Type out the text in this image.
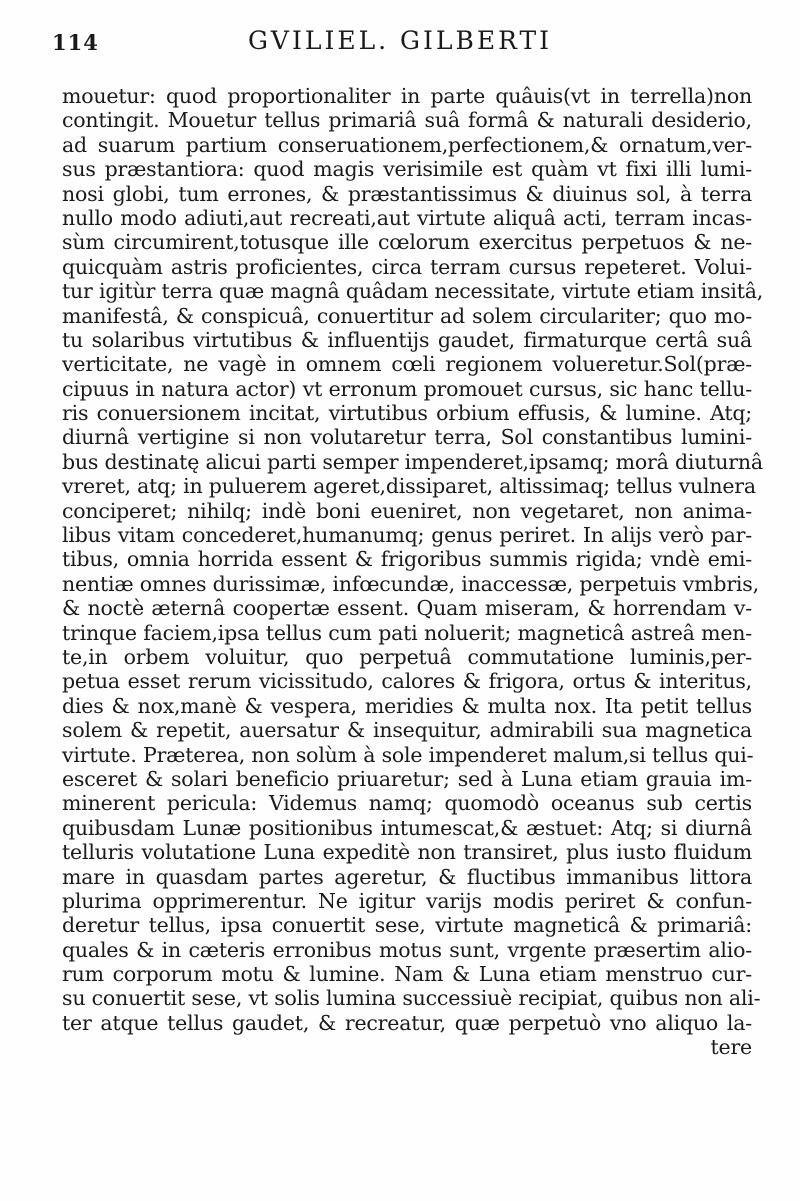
114	GVILIEL. GILBERTI
mouetur: quod proportionaliter in parte quâuis(vt in terrella)non
contingit. Mouetur tellus primariâ suâ formâ & naturali desiderio,
ad suarum partium conseruationem,perfectionem,& ornatum,ver-
sus præstantiora: quod magis verisimile est quàm vt fixi illi lumi-
nosi globi, tum errones, & præstantissimus & diuinus sol, à terra
nullo modo adiuti,aut recreati,aut virtute aliquâ acti, terram incas-
sùm circumirent,totusque ille cœlorum exercitus perpetuos & ne-
quicquàm astris proficientes, circa terram cursus repeteret. Volui-
tur igitùr terra quæ magnâ quâdam necessitate, virtute etiam insitâ,
manifestâ, & conspicuâ, conuertitur ad solem circulariter; quo mo-
tu solaribus virtutibus & influentijs gaudet, firmaturque certâ suâ
verticitate, ne vagè in omnem cœli regionem volueretur.Sol(præ-
cipuus in natura actor) vt erronum promouet cursus, sic hanc tellu-
ris conuersionem incitat, virtutibus orbium effusis, & lumine. Atq;
diurnâ vertigine si non volutaretur terra, Sol constantibus lumini-
bus destinatę alicui parti semper impenderet,ipsamq; morâ diuturnâ
vreret, atq; in puluerem ageret,dissiparet, altissimaq; tellus vulnera
conciperet; nihilq; indè boni eueniret, non vegetaret, non anima-
libus vitam concederet,humanumq; genus periret. In alijs verò par-
tibus, omnia horrida essent & frigoribus summis rigida; vndè emi-
nentiæ omnes durissimæ, infœcundæ, inaccessæ, perpetuis vmbris,
& noctè æternâ coopertæ essent. Quam miseram, & horrendam v-
trinque faciem,ipsa tellus cum pati noluerit; magneticâ astreâ men-
te,in orbem voluitur, quo perpetuâ commutatione luminis,per-
petua esset rerum vicissitudo, calores & frigora, ortus & interitus,
dies & nox,manè & vespera, meridies & multa nox. Ita petit tellus
solem & repetit, auersatur & insequitur, admirabili sua magnetica
virtute. Præterea, non solùm à sole impenderet malum,si tellus qui-
esceret & solari beneficio priuaretur; sed à Luna etiam grauia im-
minerent pericula: Videmus namq; quomodò oceanus sub certis
quibusdam Lunæ positionibus intumescat,& æstuet: Atq; si diurnâ
telluris volutatione Luna expeditè non transiret, plus iusto fluidum
mare in quasdam partes ageretur, & fluctibus immanibus littora
plurima opprimerentur. Ne igitur varijs modis periret & confun-
deretur tellus, ipsa conuertit sese, virtute magneticâ & primariâ:
quales & in cæteris erronibus motus sunt, vrgente præsertim alio-
rum corporum motu & lumine. Nam & Luna etiam menstruo cur-
su conuertit sese, vt solis lumina successiuè recipiat, quibus non ali-
ter atque tellus gaudet, & recreatur, quæ perpetuò vno aliquo la-
tere
